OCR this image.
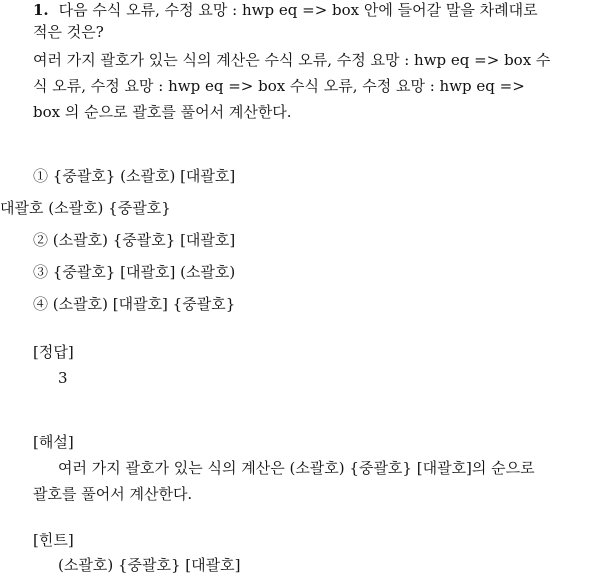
1. 다음 수식 오류, 수정 요망 : hwp eq => box 안에 들어갈 말을 차례대로
적은 것은?
여러 가지 괄호가 있는 식의 계산은 수식 오류, 수정 요망 : hwp eq => box 수
식 오류, 수정 요망 : hwp eq => box 수식 오류, 수정 요망 : hwp eq =>
box 의 순으로 괄호를 풀어서 계산한다.
① {중괄호} (소괄호) [대괄호]
대괄호 (소괄호) {중괄호}
② (소괄호) {중괄호} [대괄호]
③ {중괄호} [대괄호] (소괄호)
④ (소괄호) [대괄호] {중괄호}
[정답]
3
[해설]
여러 가지 괄호가 있는 식의 계산은 (소괄호) {중괄호} [대괄호]의 순으로
괄호를 풀어서 계산한다.
[힌트]
(소괄호) {중괄호} [대괄호]
